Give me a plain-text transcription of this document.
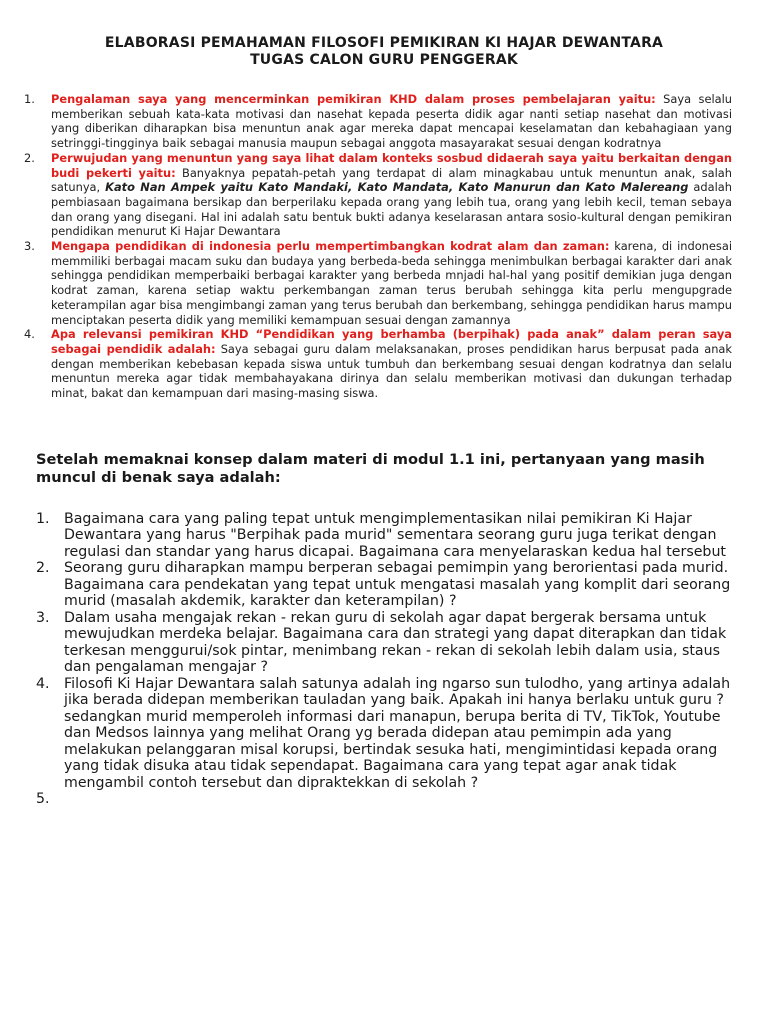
ELABORASI PEMAHAMAN FILOSOFI PEMIKIRAN KI HAJAR DEWANTARA
TUGAS CALON GURU PENGGERAK
1. Pengalaman saya yang mencerminkan pemikiran KHD dalam proses pembelajaran yaitu: Saya selalu memberikan sebuah kata-kata motivasi dan nasehat kepada peserta didik agar nanti setiap nasehat dan motivasi yang diberikan diharapkan bisa menuntun anak agar mereka dapat mencapai keselamatan dan kebahagiaan yang setringgi-tingginya baik sebagai manusia maupun sebagai anggota masayarakat sesuai dengan kodratnya
2. Perwujudan yang menuntun yang saya lihat dalam konteks sosbud didaerah saya yaitu berkaitan dengan budi pekerti yaitu: Banyaknya pepatah-petah yang terdapat di alam minagkabau untuk menuntun anak, salah satunya, Kato Nan Ampek yaitu Kato Mandaki, Kato Mandata, Kato Manurun dan Kato Malereang adalah pembiasaan bagaimana bersikap dan berperilaku kepada orang yang lebih tua, orang yang lebih kecil, teman sebaya dan orang yang disegani. Hal ini adalah satu bentuk bukti adanya keselarasan antara sosio-kultural dengan pemikiran pendidikan menurut Ki Hajar Dewantara
3. Mengapa pendidikan di indonesia perlu mempertimbangkan kodrat alam dan zaman: karena, di indonesai memmiliki berbagai macam suku dan budaya yang berbeda-beda sehingga menimbulkan berbagai karakter dari anak sehingga pendidikan memperbaiki berbagai karakter yang berbeda mnjadi hal-hal yang positif demikian juga dengan kodrat zaman, karena setiap waktu perkembangan zaman terus berubah sehingga kita perlu mengupgrade keterampilan agar bisa mengimbangi zaman yang terus berubah dan berkembang, sehingga pendidikan harus mampu menciptakan peserta didik yang memiliki kemampuan sesuai dengan zamannya
4. Apa relevansi pemikiran KHD “Pendidikan yang berhamba (berpihak) pada anak” dalam peran saya sebagai pendidik adalah: Saya sebagai guru dalam melaksanakan, proses pendidikan harus berpusat pada anak dengan memberikan kebebasan kepada siswa untuk tumbuh dan berkembang sesuai dengan kodratnya dan selalu menuntun mereka agar tidak membahayakana dirinya dan selalu memberikan motivasi dan dukungan terhadap minat, bakat dan kemampuan dari masing-masing siswa.
Setelah memaknai konsep dalam materi di modul 1.1 ini, pertanyaan yang masih muncul di benak saya adalah:
1. Bagaimana cara yang paling tepat untuk mengimplementasikan nilai pemikiran Ki Hajar Dewantara yang harus "Berpihak pada murid" sementara seorang guru juga terikat dengan regulasi dan standar yang harus dicapai. Bagaimana cara menyelaraskan kedua hal tersebut
2. Seorang guru diharapkan mampu berperan sebagai pemimpin yang berorientasi pada murid. Bagaimana cara pendekatan yang tepat untuk mengatasi masalah yang komplit dari seorang murid (masalah akdemik, karakter dan keterampilan) ?
3. Dalam usaha mengajak rekan - rekan guru di sekolah agar dapat bergerak bersama untuk mewujudkan merdeka belajar. Bagaimana cara dan strategi yang dapat diterapkan dan tidak terkesan menggurui/sok pintar, menimbang rekan - rekan di sekolah lebih dalam usia, staus dan pengalaman mengajar ?
4. Filosofi Ki Hajar Dewantara salah satunya adalah ing ngarso sun tulodho, yang artinya adalah jika berada didepan memberikan tauladan yang baik. Apakah ini hanya berlaku untuk guru ? sedangkan murid memperoleh informasi dari manapun, berupa berita di TV, TikTok, Youtube dan Medsos lainnya yang melihat Orang yg berada didepan atau pemimpin ada yang melakukan pelanggaran misal korupsi, bertindak sesuka hati, mengimintidasi kepada orang yang tidak disuka atau tidak sependapat. Bagaimana cara yang tepat agar anak tidak mengambil contoh tersebut dan dipraktekkan di sekolah ?
5.
